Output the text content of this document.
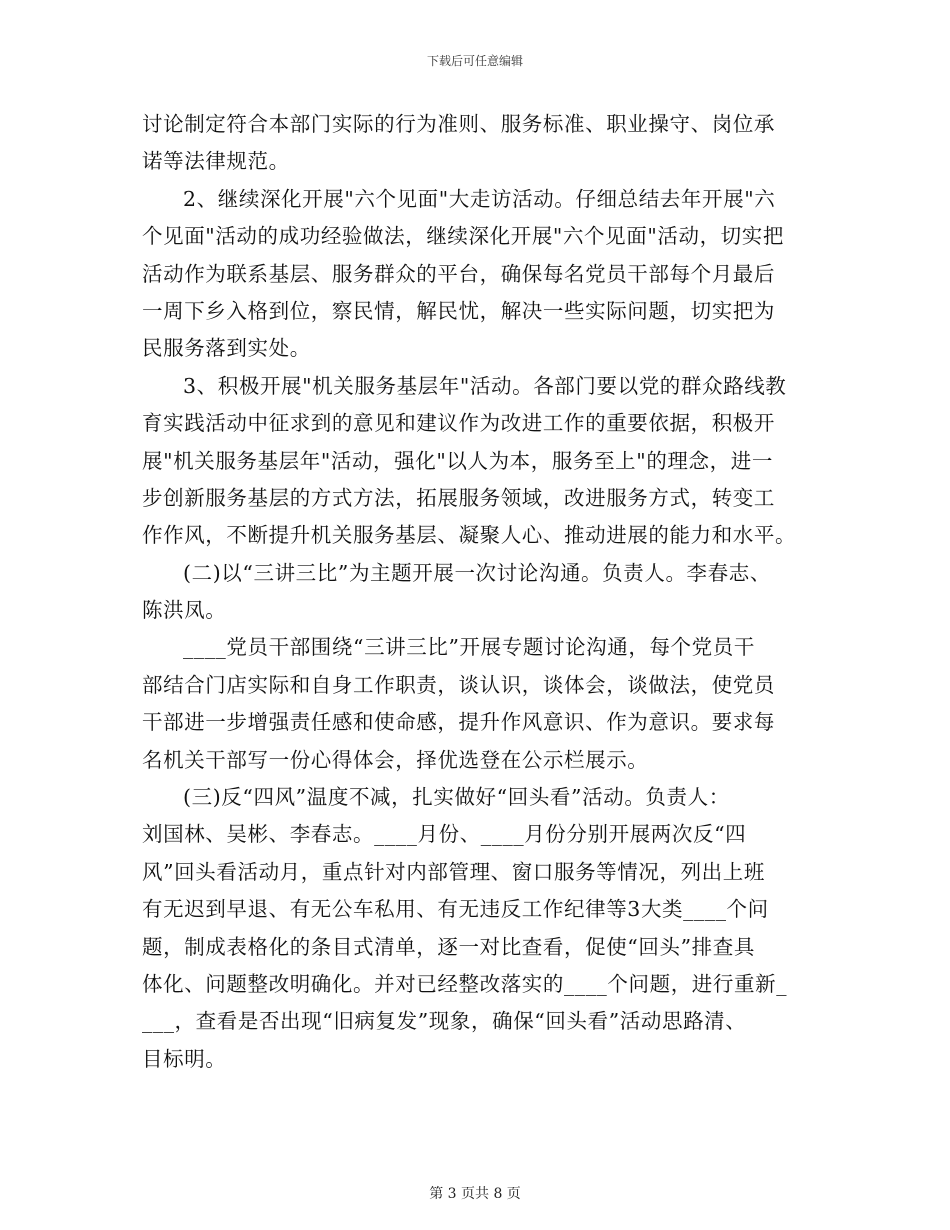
下载后可任意编辑
讨论制定符合本部门实际的行为准则、服务标准、职业操守、岗位承
诺等法律规范。
2、继续深化开展"六个见面"大走访活动。仔细总结去年开展"六
个见面"活动的成功经验做法，继续深化开展"六个见面"活动，切实把
活动作为联系基层、服务群众的平台，确保每名党员干部每个月最后
一周下乡入格到位，察民情，解民忧，解决一些实际问题，切实把为
民服务落到实处。
3、积极开展"机关服务基层年"活动。各部门要以党的群众路线教
育实践活动中征求到的意见和建议作为改进工作的重要依据，积极开
展"机关服务基层年"活动，强化"以人为本，服务至上"的理念，进一
步创新服务基层的方式方法，拓展服务领域，改进服务方式，转变工
作作风，不断提升机关服务基层、凝聚人心、推动进展的能力和水平。
(二)以“三讲三比”为主题开展一次讨论沟通。负责人。李春志、
陈洪凤。
____党员干部围绕“三讲三比”开展专题讨论沟通，每个党员干
部结合门店实际和自身工作职责，谈认识，谈体会，谈做法，使党员
干部进一步增强责任感和使命感，提升作风意识、作为意识。要求每
名机关干部写一份心得体会，择优选登在公示栏展示。
(三)反“四风”温度不减，扎实做好“回头看”活动。负责人：
刘国林、吴彬、李春志。____月份、____月份分别开展两次反“四
风”回头看活动月，重点针对内部管理、窗口服务等情况，列出上班
有无迟到早退、有无公车私用、有无违反工作纪律等3大类____个问
题，制成表格化的条目式清单，逐一对比查看，促使“回头”排查具
体化、问题整改明确化。并对已经整改落实的____个问题，进行重新_
___，查看是否出现“旧病复发”现象，确保“回头看”活动思路清、
目标明。
第 3 页共 8 页
